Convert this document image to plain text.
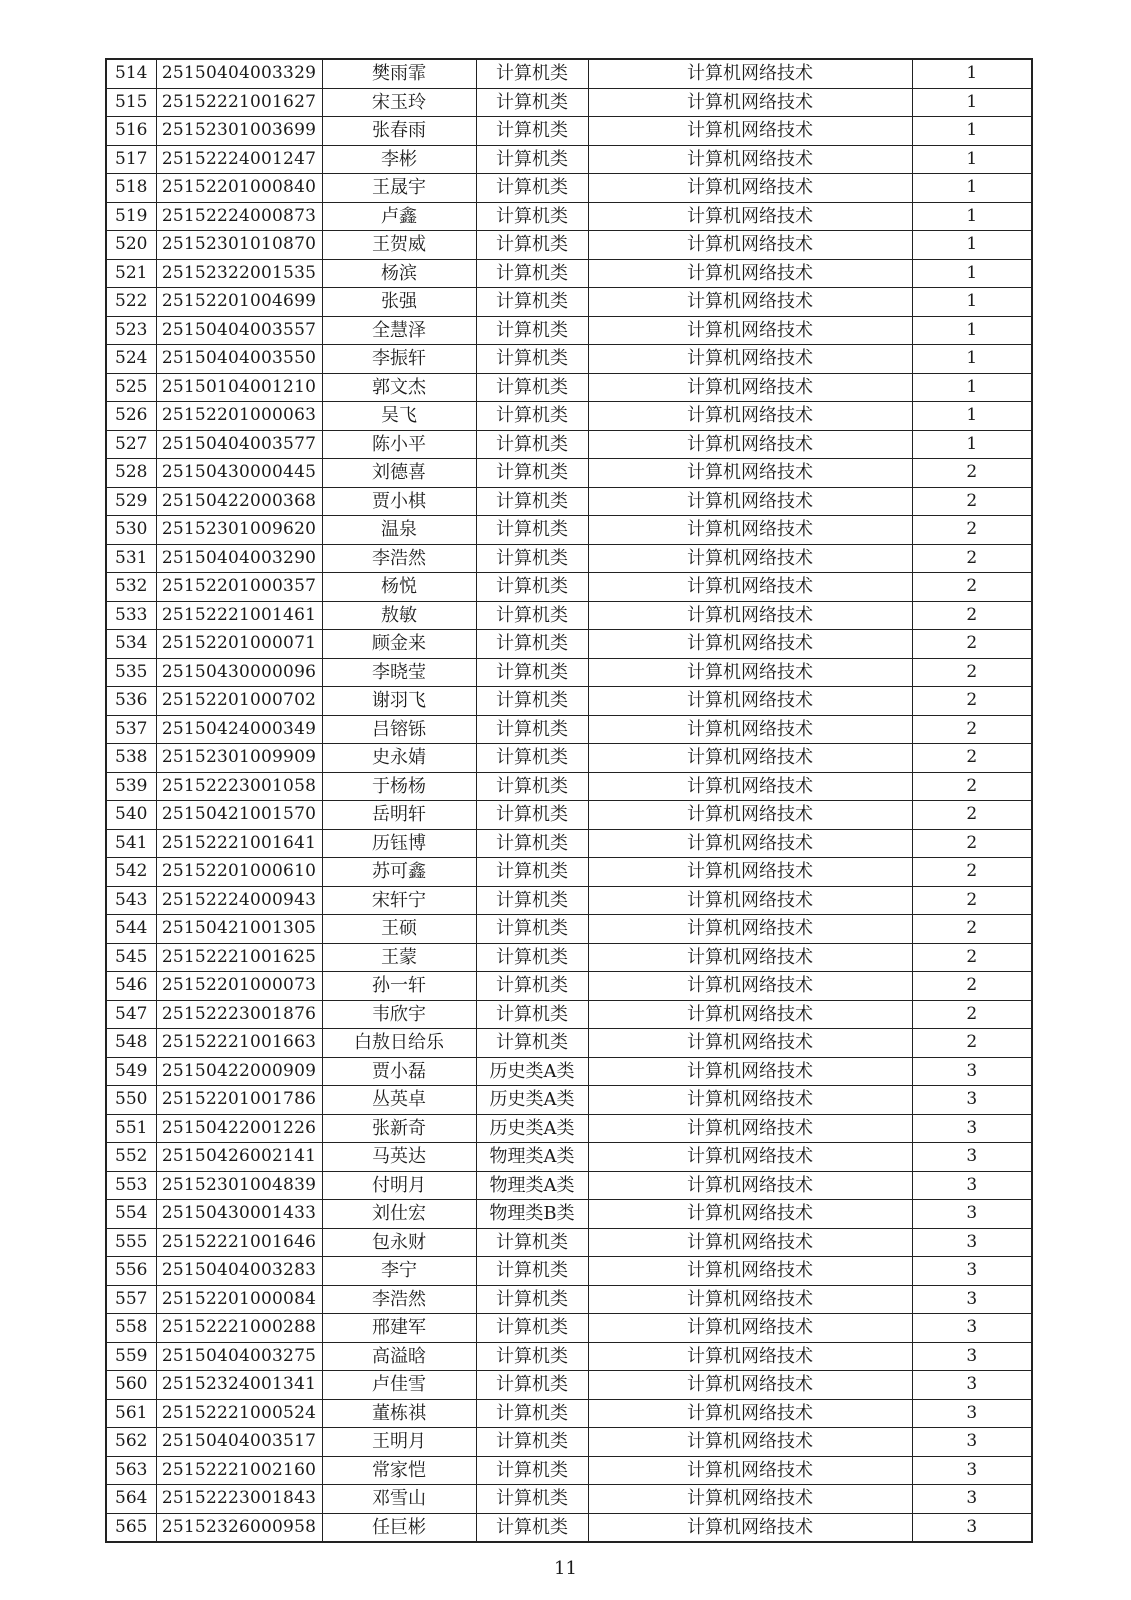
514	25150404003329	樊雨霏	计算机类	计算机网络技术	1
515	25152221001627	宋玉玲	计算机类	计算机网络技术	1
516	25152301003699	张春雨	计算机类	计算机网络技术	1
517	25152224001247	李彬	计算机类	计算机网络技术	1
518	25152201000840	王晟宇	计算机类	计算机网络技术	1
519	25152224000873	卢鑫	计算机类	计算机网络技术	1
520	25152301010870	王贺威	计算机类	计算机网络技术	1
521	25152322001535	杨滨	计算机类	计算机网络技术	1
522	25152201004699	张强	计算机类	计算机网络技术	1
523	25150404003557	全慧泽	计算机类	计算机网络技术	1
524	25150404003550	李振轩	计算机类	计算机网络技术	1
525	25150104001210	郭文杰	计算机类	计算机网络技术	1
526	25152201000063	吴飞	计算机类	计算机网络技术	1
527	25150404003577	陈小平	计算机类	计算机网络技术	1
528	25150430000445	刘德喜	计算机类	计算机网络技术	2
529	25150422000368	贾小棋	计算机类	计算机网络技术	2
530	25152301009620	温泉	计算机类	计算机网络技术	2
531	25150404003290	李浩然	计算机类	计算机网络技术	2
532	25152201000357	杨悦	计算机类	计算机网络技术	2
533	25152221001461	敖敏	计算机类	计算机网络技术	2
534	25152201000071	顾金来	计算机类	计算机网络技术	2
535	25150430000096	李晓莹	计算机类	计算机网络技术	2
536	25152201000702	谢羽飞	计算机类	计算机网络技术	2
537	25150424000349	吕镕铄	计算机类	计算机网络技术	2
538	25152301009909	史永婧	计算机类	计算机网络技术	2
539	25152223001058	于杨杨	计算机类	计算机网络技术	2
540	25150421001570	岳明轩	计算机类	计算机网络技术	2
541	25152221001641	历钰博	计算机类	计算机网络技术	2
542	25152201000610	苏可鑫	计算机类	计算机网络技术	2
543	25152224000943	宋轩宁	计算机类	计算机网络技术	2
544	25150421001305	王硕	计算机类	计算机网络技术	2
545	25152221001625	王蒙	计算机类	计算机网络技术	2
546	25152201000073	孙一轩	计算机类	计算机网络技术	2
547	25152223001876	韦欣宇	计算机类	计算机网络技术	2
548	25152221001663	白敖日给乐	计算机类	计算机网络技术	2
549	25150422000909	贾小磊	历史类A类	计算机网络技术	3
550	25152201001786	丛英卓	历史类A类	计算机网络技术	3
551	25150422001226	张新奇	历史类A类	计算机网络技术	3
552	25150426002141	马英达	物理类A类	计算机网络技术	3
553	25152301004839	付明月	物理类A类	计算机网络技术	3
554	25150430001433	刘仕宏	物理类B类	计算机网络技术	3
555	25152221001646	包永财	计算机类	计算机网络技术	3
556	25150404003283	李宁	计算机类	计算机网络技术	3
557	25152201000084	李浩然	计算机类	计算机网络技术	3
558	25152221000288	邢建军	计算机类	计算机网络技术	3
559	25150404003275	高溢晗	计算机类	计算机网络技术	3
560	25152324001341	卢佳雪	计算机类	计算机网络技术	3
561	25152221000524	董栋祺	计算机类	计算机网络技术	3
562	25150404003517	王明月	计算机类	计算机网络技术	3
563	25152221002160	常家恺	计算机类	计算机网络技术	3
564	25152223001843	邓雪山	计算机类	计算机网络技术	3
565	25152326000958	任巨彬	计算机类	计算机网络技术	3
11
